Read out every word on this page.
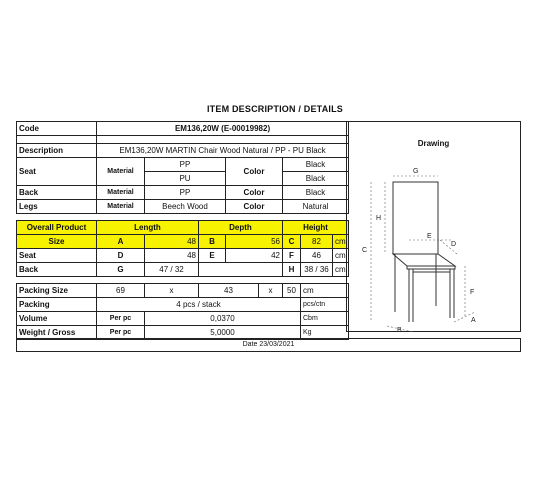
ITEM DESCRIPTION / DETAILS
Code	EM136,20W (E-00019982)							

Description	EM136,20W MARTIN Chair Wood Natural / PP - PU Black							
Seat	Material	PP		Color		Black		
		PU				Black		
Back	Material	PP		Color		Black		
Legs	Material	Beech Wood		Color		Natural		

Overall Product	Length		Depth			Height		
Size	A	48	B	56		C	82	cm
Seat	D	48	E	42		F	46	cm
Back	G	47 / 32				H	38 / 36	cm

Packing Size	69	x	43		x	50	cm	
Packing	4 pcs / stack						pcs/ctn	
Volume	Per pc	0,0370					Cbm	
Weight / Gross	Per pc	5,0000					Kg	
Drawing
G
H
C
E
D
F
A
B
Date 23/03/2021
